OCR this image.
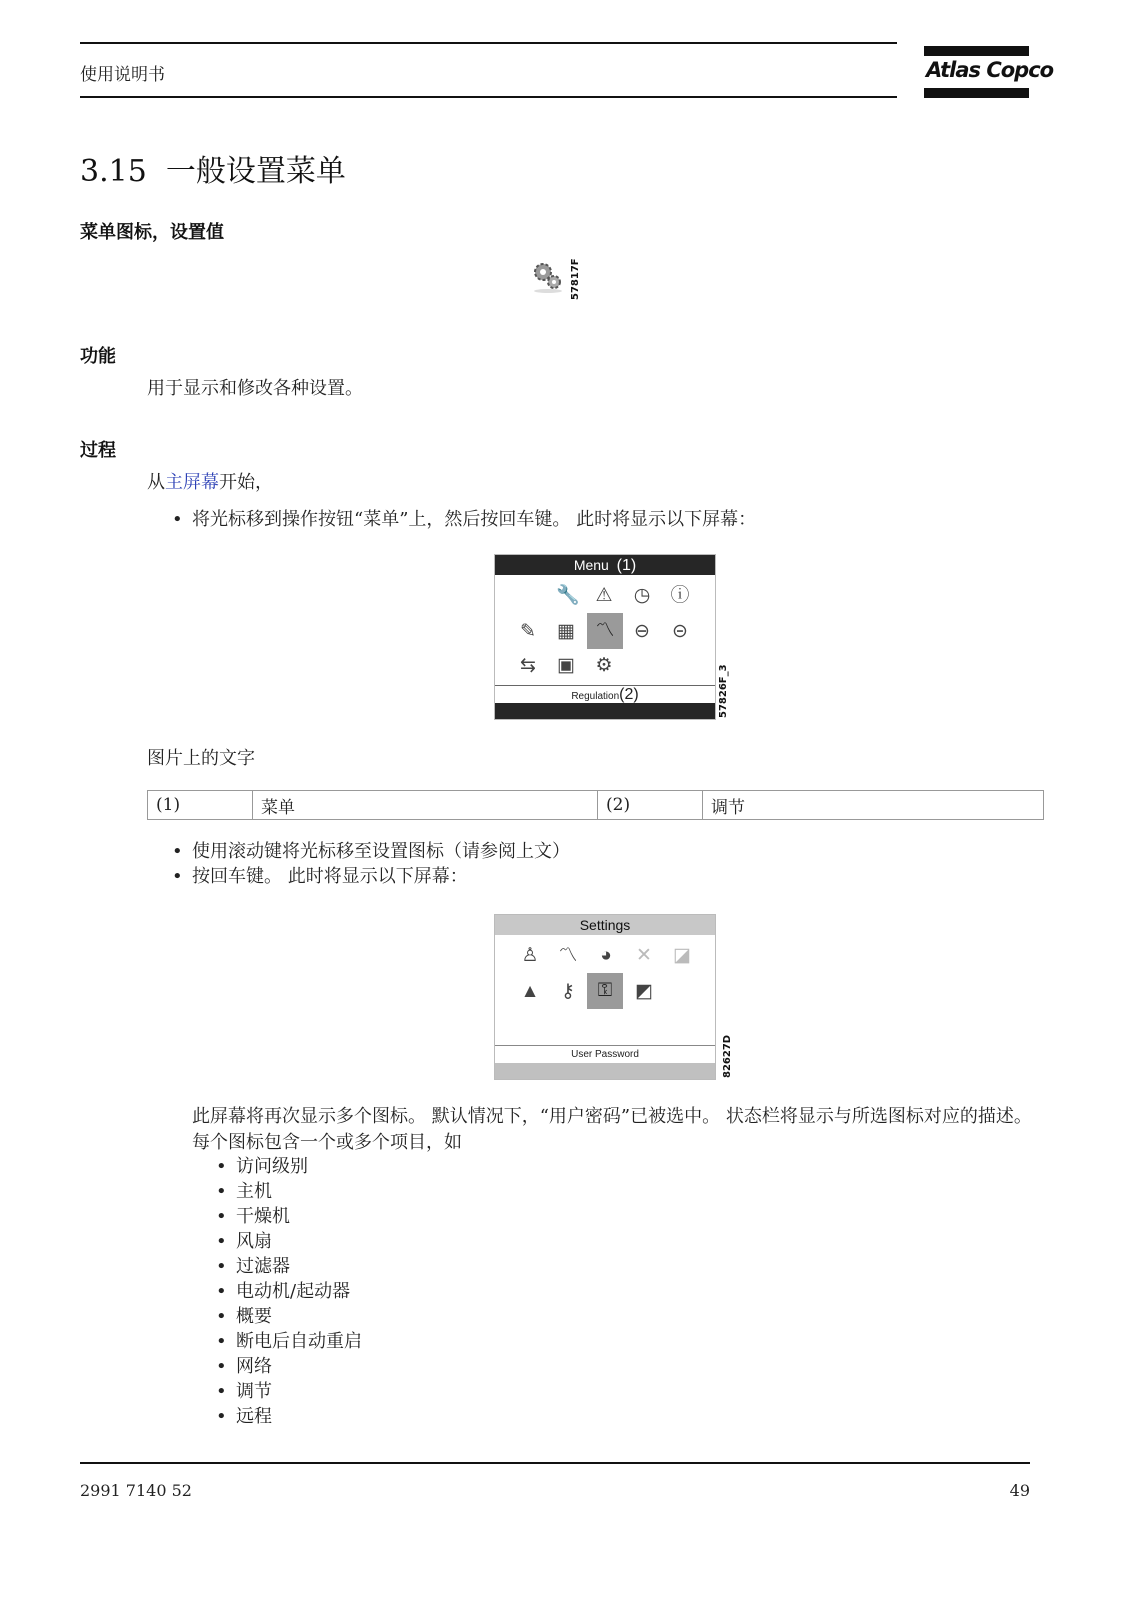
使用说明书	Atlas Copco
3.15 一般设置菜单
菜单图标，设置值
57817F
功能
用于显示和修改各种设置。
过程
从主屏幕开始，
• 将光标移到操作按钮“菜单”上，然后按回车键。 此时将显示以下屏幕：
Menu (1)
🔧 ⚠ ◷ ⓘ
✎ ▦	〽	⊖ ⊝
⇆ ▣ ⚙
Regulation(2)	57826F_3
图片上的文字
(1)	菜单	(2)	调节
• 使用滚动键将光标移至设置图标（请参阅上文）
• 按回车键。 此时将显示以下屏幕：
Settings
♙ 〽	◕	✕ ◪
▲	⚷	⚿	◩
User Password	82627D
此屏幕将再次显示多个图标。 默认情况下，“用户密码”已被选中。 状态栏将显示与所选图标对应的描述。 每个图标包含一个或多个项目，如
• 访问级别
• 主机
• 干燥机
• 风扇
• 过滤器
• 电动机/起动器
• 概要
• 断电后自动重启
• 网络
• 调节
• 远程
2991 7140 52	49
